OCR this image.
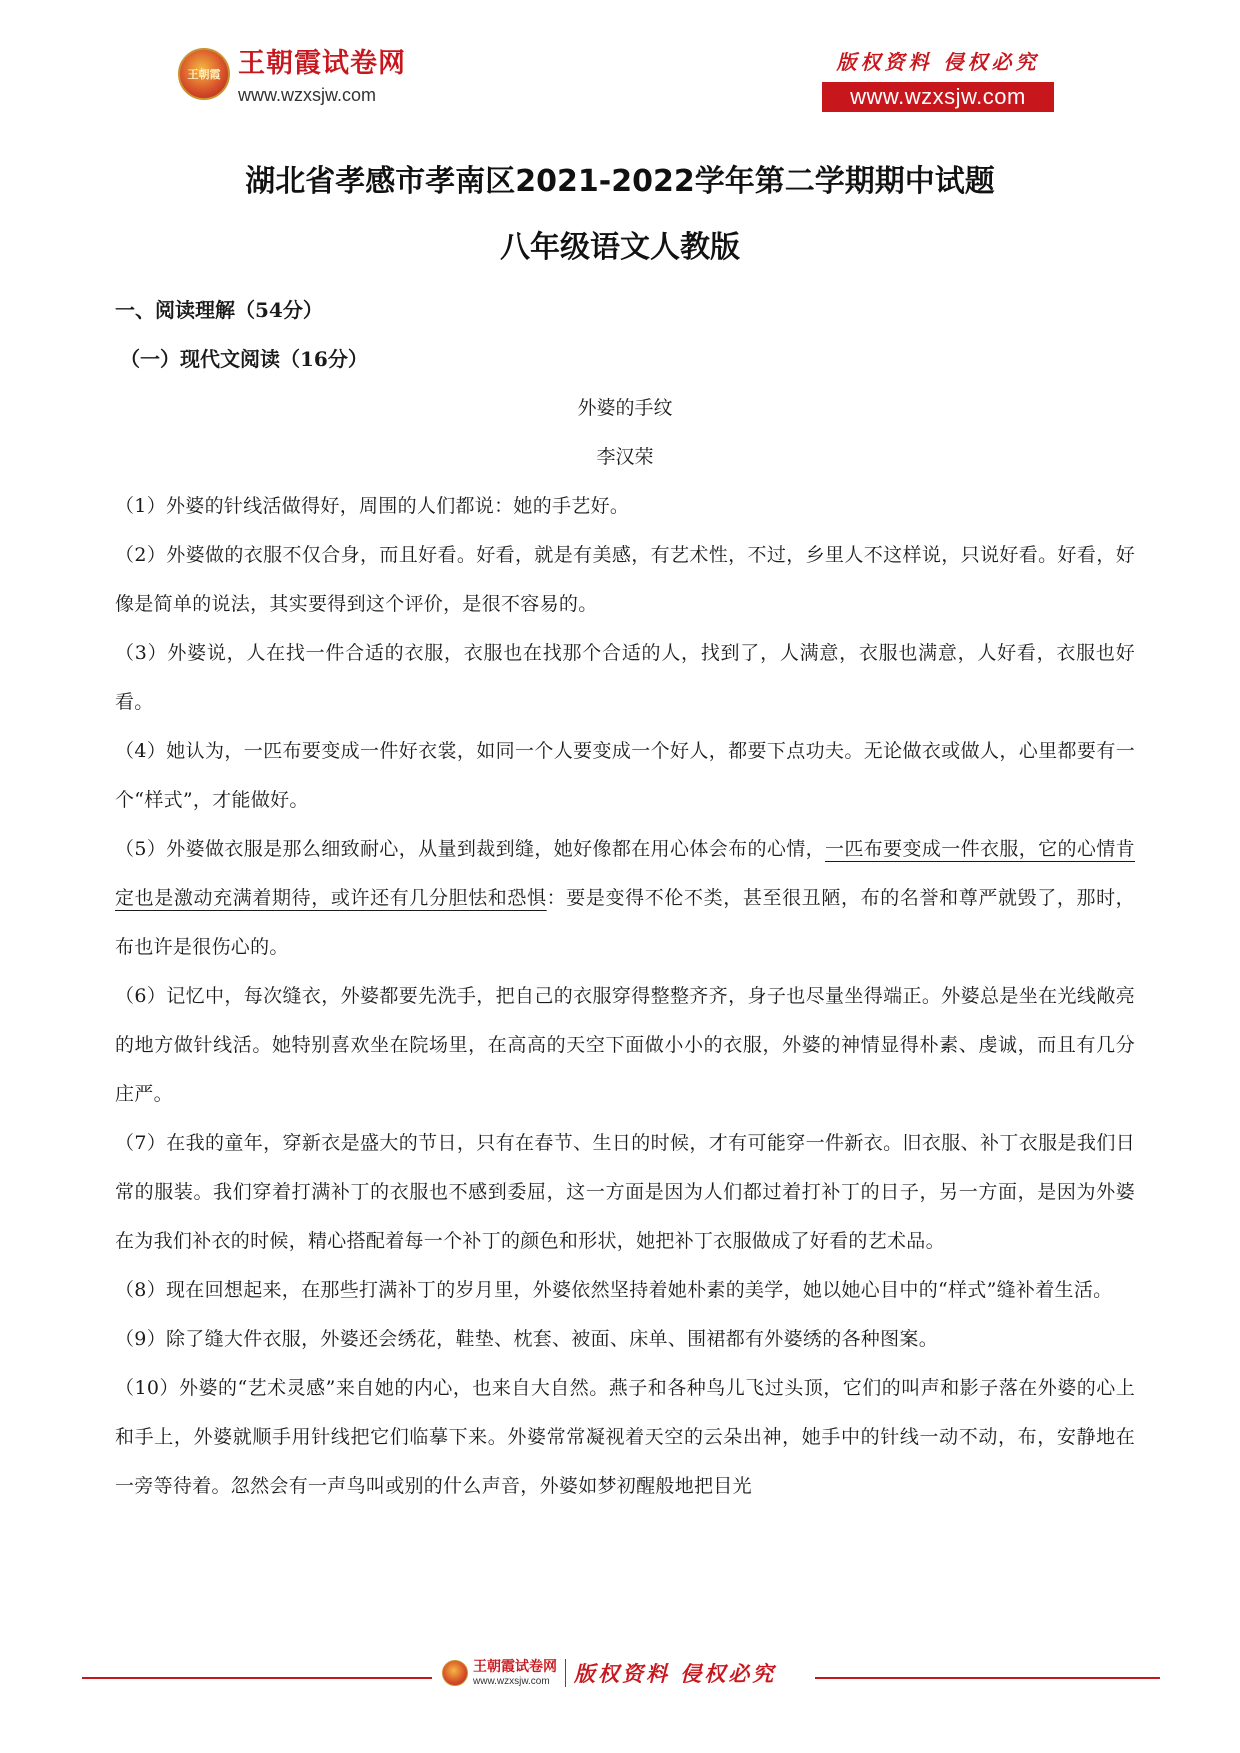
王朝霞 王朝霞试卷网
www.wzxsjw.com
版权资料 侵权必究
www.wzxsjw.com
湖北省孝感市孝南区2021-2022学年第二学期期中试题
八年级语文人教版

一、阅读理解（54分）

（一）现代文阅读（16分）

外婆的手纹

李汉荣

（1）外婆的针线活做得好，周围的人们都说：她的手艺好。

（2）外婆做的衣服不仅合身，而且好看。好看，就是有美感，有艺术性，不过，乡里人不这样说，只说好看。好看，好像是简单的说法，其实要得到这个评价，是很不容易的。

（3）外婆说，人在找一件合适的衣服，衣服也在找那个合适的人，找到了，人满意，衣服也满意，人好看，衣服也好看。

（4）她认为，一匹布要变成一件好衣裳，如同一个人要变成一个好人，都要下点功夫。无论做衣或做人，心里都要有一个“样式”，才能做好。

（5）外婆做衣服是那么细致耐心，从量到裁到缝，她好像都在用心体会布的心情，一匹布要变成一件衣服，它的心情肯定也是激动充满着期待，或许还有几分胆怯和恐惧：要是变得不伦不类，甚至很丑陋，布的名誉和尊严就毁了，那时，布也许是很伤心的。

（6）记忆中，每次缝衣，外婆都要先洗手，把自己的衣服穿得整整齐齐，身子也尽量坐得端正。外婆总是坐在光线敞亮的地方做针线活。她特别喜欢坐在院场里，在高高的天空下面做小小的衣服，外婆的神情显得朴素、虔诚，而且有几分庄严。

（7）在我的童年，穿新衣是盛大的节日，只有在春节、生日的时候，才有可能穿一件新衣。旧衣服、补丁衣服是我们日常的服装。我们穿着打满补丁的衣服也不感到委屈，这一方面是因为人们都过着打补丁的日子，另一方面，是因为外婆在为我们补衣的时候，精心搭配着每一个补丁的颜色和形状，她把补丁衣服做成了好看的艺术品。

（8）现在回想起来，在那些打满补丁的岁月里，外婆依然坚持着她朴素的美学，她以她心目中的“样式”缝补着生活。

（9）除了缝大件衣服，外婆还会绣花，鞋垫、枕套、被面、床单、围裙都有外婆绣的各种图案。

（10）外婆的“艺术灵感”来自她的内心，也来自大自然。燕子和各种鸟儿飞过头顶，它们的叫声和影子落在外婆的心上和手上，外婆就顺手用针线把它们临摹下来。外婆常常凝视着天空的云朵出神，她手中的针线一动不动，布，安静地在一旁等待着。忽然会有一声鸟叫或别的什么声音，外婆如梦初醒般地把目光

王朝霞试卷网
www.wzxsjw.com	版权资料 侵权必究
